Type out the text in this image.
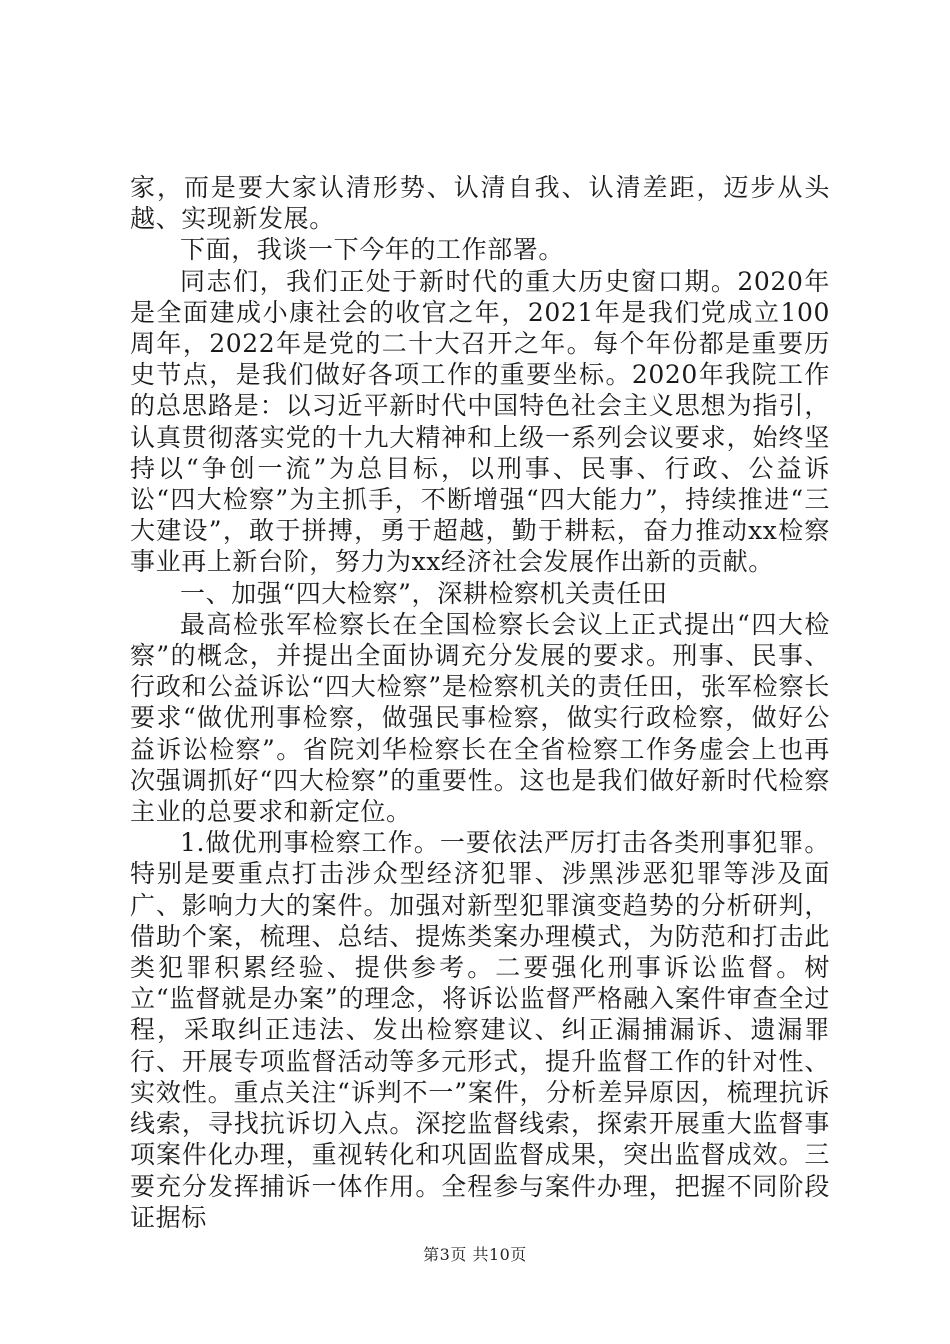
家，而是要大家认清形势、认清自我、认清差距，迈步从头越、实现新发展。

下面，我谈一下今年的工作部署。

同志们，我们正处于新时代的重大历史窗口期。2020年是全面建成小康社会的收官之年，2021年是我们党成立100周年，2022年是党的二十大召开之年。每个年份都是重要历史节点，是我们做好各项工作的重要坐标。2020年我院工作的总思路是：以习近平新时代中国特色社会主义思想为指引，认真贯彻落实党的十九大精神和上级一系列会议要求，始终坚持以“争创一流”为总目标，以刑事、民事、行政、公益诉讼“四大检察”为主抓手，不断增强“四大能力”，持续推进“三大建设”，敢于拼搏，勇于超越，勤于耕耘，奋力推动xx检察事业再上新台阶，努力为xx经济社会发展作出新的贡献。

一、加强“四大检察”，深耕检察机关责任田

最高检张军检察长在全国检察长会议上正式提出“四大检察”的概念，并提出全面协调充分发展的要求。刑事、民事、行政和公益诉讼“四大检察”是检察机关的责任田，张军检察长要求“做优刑事检察，做强民事检察，做实行政检察，做好公益诉讼检察”。省院刘华检察长在全省检察工作务虚会上也再次强调抓好“四大检察”的重要性。这也是我们做好新时代检察主业的总要求和新定位。

1.做优刑事检察工作。一要依法严厉打击各类刑事犯罪。特别是要重点打击涉众型经济犯罪、涉黑涉恶犯罪等涉及面广、影响力大的案件。加强对新型犯罪演变趋势的分析研判，借助个案，梳理、总结、提炼类案办理模式，为防范和打击此类犯罪积累经验、提供参考。二要强化刑事诉讼监督。树立“监督就是办案”的理念，将诉讼监督严格融入案件审查全过程，采取纠正违法、发出检察建议、纠正漏捕漏诉、遗漏罪行、开展专项监督活动等多元形式，提升监督工作的针对性、实效性。重点关注“诉判不一”案件，分析差异原因，梳理抗诉线索，寻找抗诉切入点。深挖监督线索，探索开展重大监督事项案件化办理，重视转化和巩固监督成果，突出监督成效。三要充分发挥捕诉一体作用。全程参与案件办理，把握不同阶段证据标

第3页 共10页
